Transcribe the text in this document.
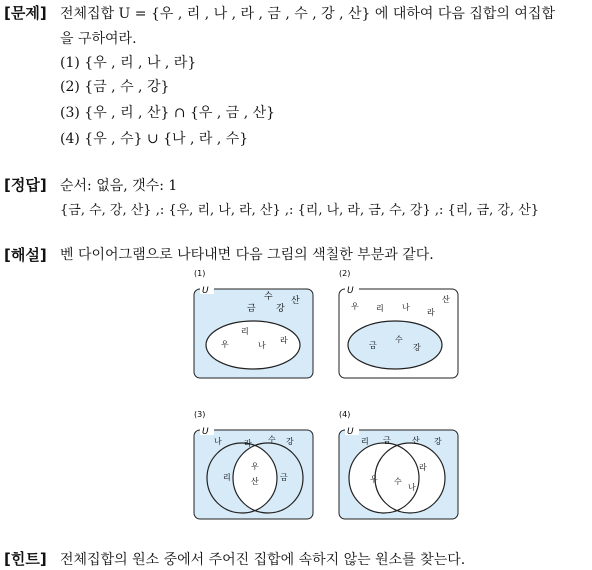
[문제] 전체집합 U = {우 , 리 , 나 , 라 , 금 , 수 , 강 , 산} 에 대하여 다음 집합의 여집합
을 구하여라.
(1) {우 , 리 , 나 , 라}
(2) {금 , 수 , 강}
(3) {우 , 리 , 산} ∩ {우 , 금 , 산}
(4) {우 , 수} ∪ {나 , 라 , 수}
[정답] 순서: 없음, 갯수: 1
{금, 수, 강, 산} ,: {우, 리, 나, 라, 산} ,: {리, 나, 라, 금, 수, 강} ,: {리, 금, 강, 산}
[해설] 벤 다이어그램으로 나타내면 다음 그림의 색칠한 부분과 같다.
(1)
U
수 산
금 강
리
우	나
라
(2)
U
우 리 나
라
산
금
수
강
(3)
U
나	라 수 강
리
우
산	금
(4)
U
리 금	산 강
우 수
라
나
[힌트] 전체집합의 원소 중에서 주어진 집합에 속하지 않는 원소를 찾는다.
